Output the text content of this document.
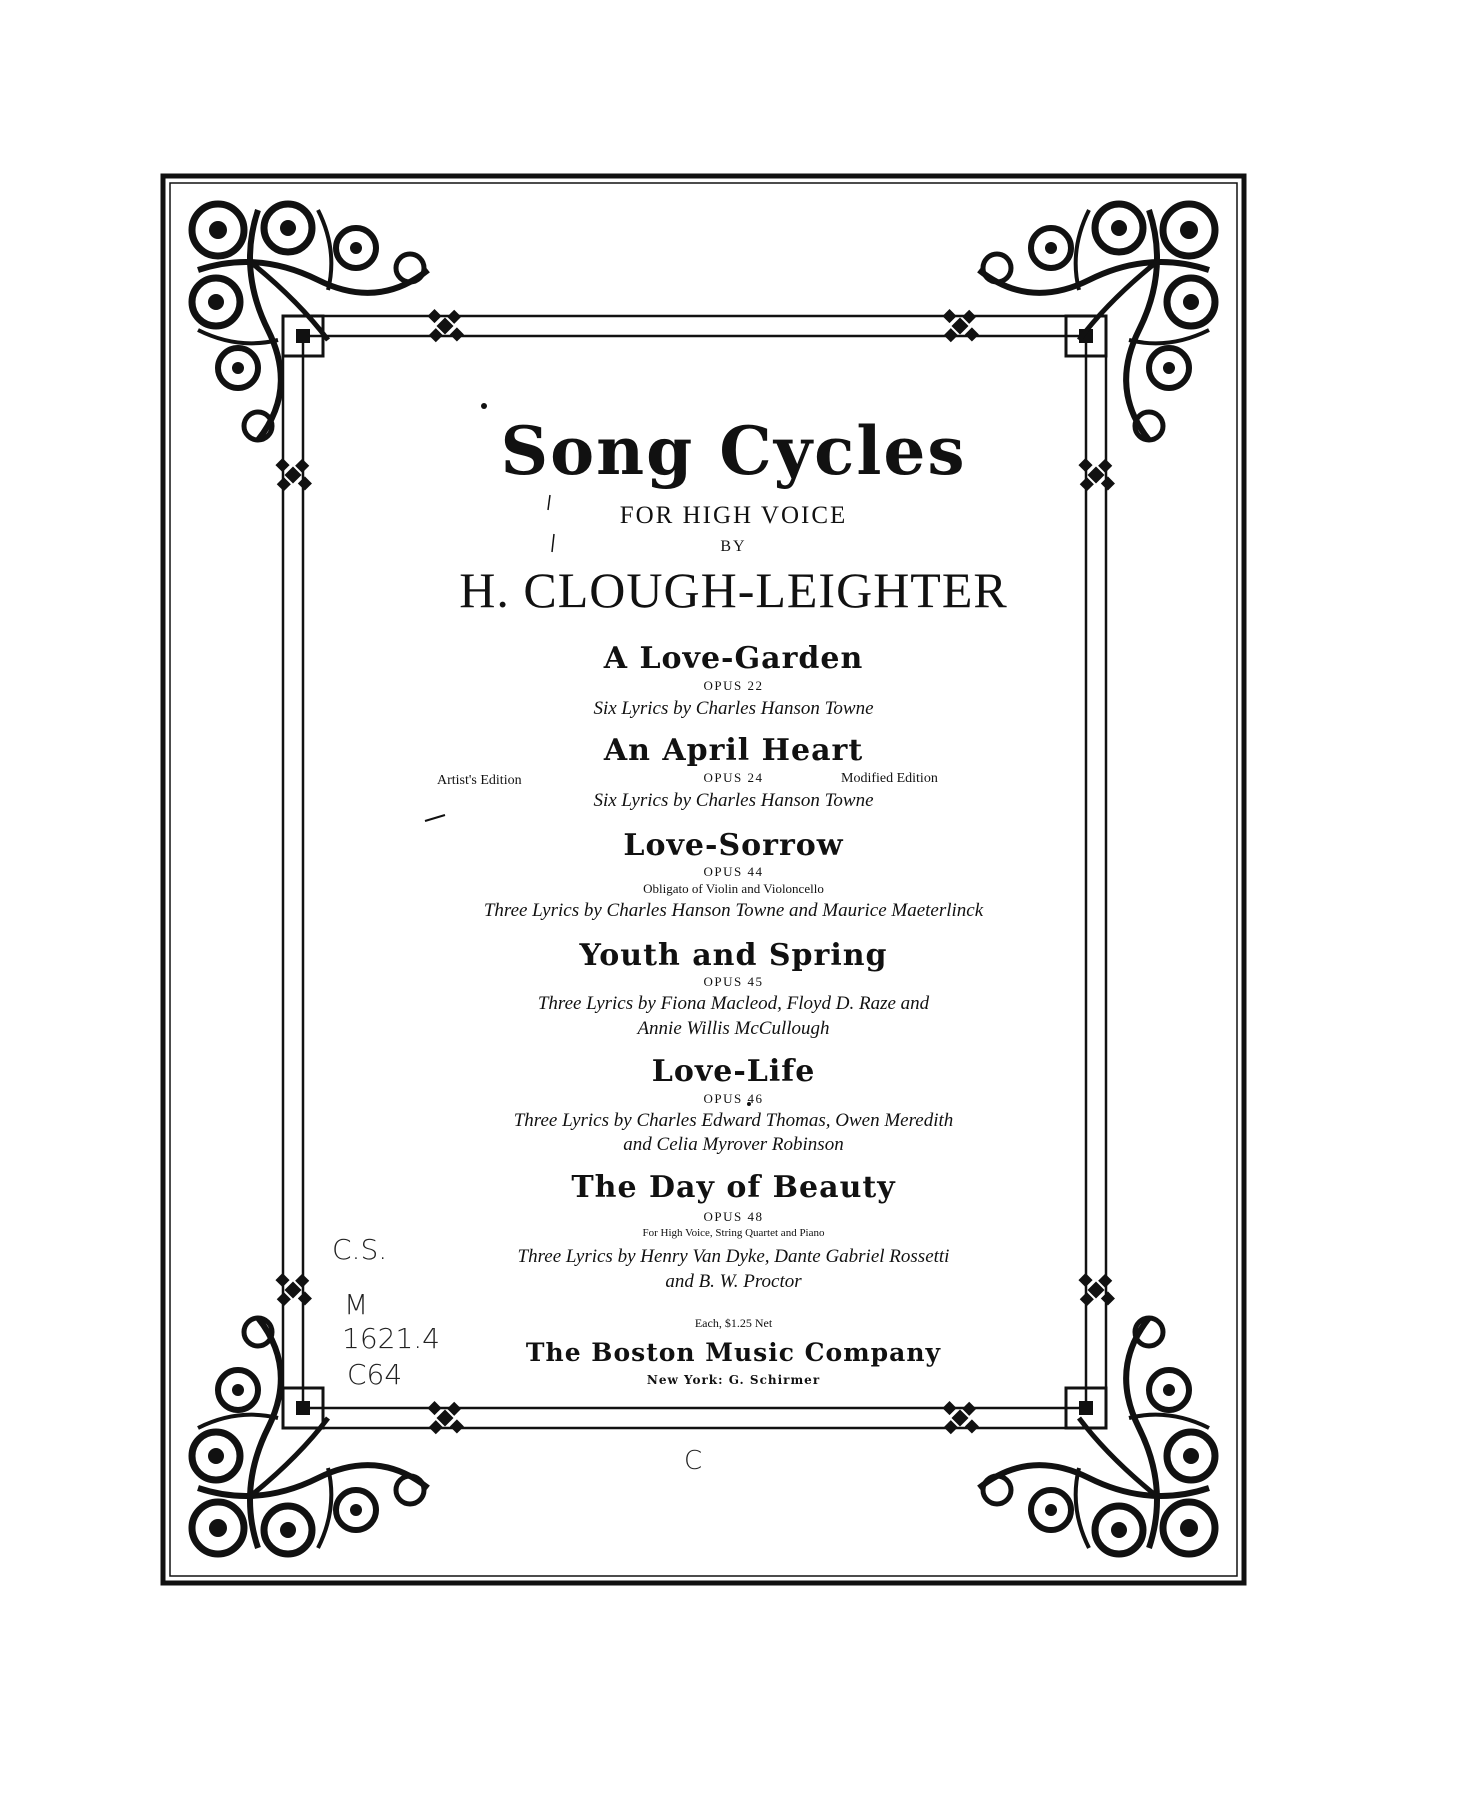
Song Cycles
FOR HIGH VOICE
BY
H. CLOUGH-LEIGHTER
A Love-Garden
OPUS 22
Six Lyrics by Charles Hanson Towne
An April Heart
Artist's Edition	OPUS 24	Modified Edition
Six Lyrics by Charles Hanson Towne
Love-Sorrow
OPUS 44
Obligato of Violin and Violoncello
Three Lyrics by Charles Hanson Towne and Maurice Maeterlinck
Youth and Spring
OPUS 45
Three Lyrics by Fiona Macleod, Floyd D. Raze and
Annie Willis McCullough
Love-Life
OPUS 46
Three Lyrics by Charles Edward Thomas, Owen Meredith
and Celia Myrover Robinson
The Day of Beauty
OPUS 48
For High Voice, String Quartet and Piano
Three Lyrics by Henry Van Dyke, Dante Gabriel Rossetti
and B. W. Proctor
Each, $1.25 Net
The Boston Music Company
New York: G. Schirmer
C.S.
M
1621.4
C64
C
